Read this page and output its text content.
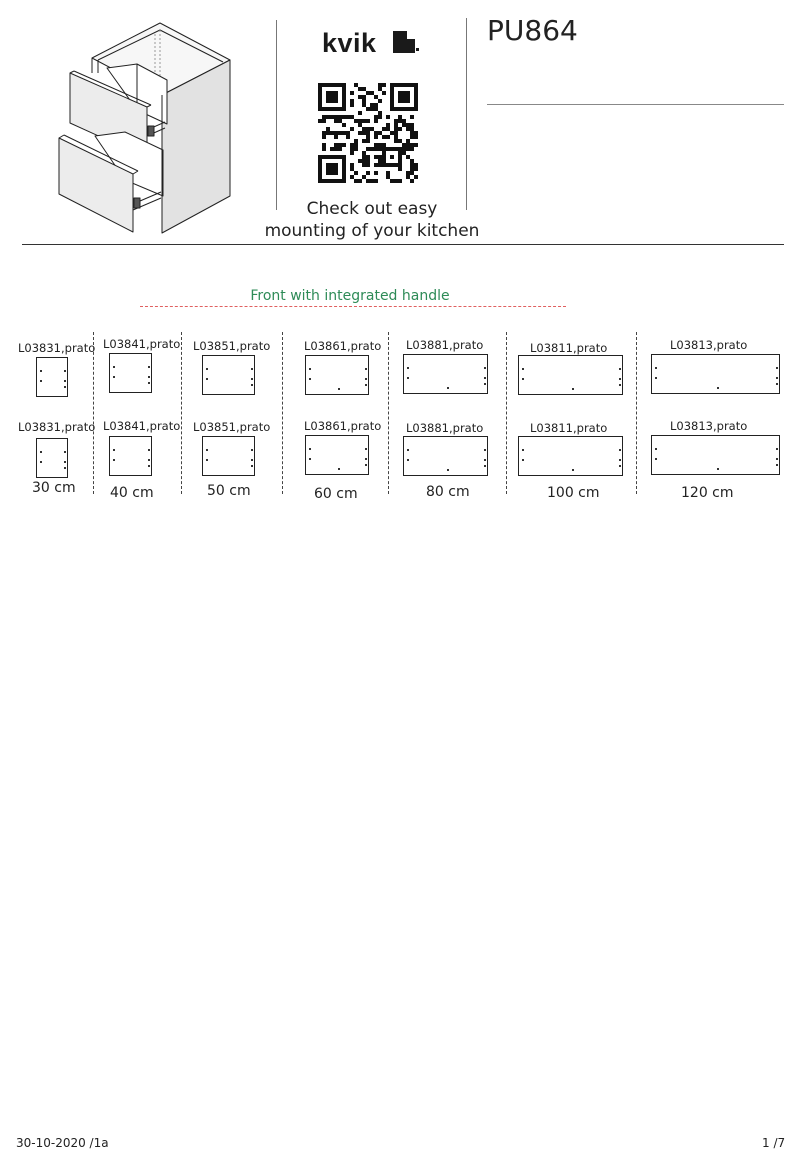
kvik
Check out easy
mounting of your kitchen
PU864
Front with integrated handle
L03831,prato
L03831,prato
30 cm
L03841,prato
L03841,prato
40 cm
L03851,prato
L03851,prato
50 cm
L03861,prato
L03861,prato
60 cm
L03881,prato
L03881,prato
80 cm
L03811,prato
L03811,prato
100 cm
L03813,prato
L03813,prato
120 cm
30-10-2020 /1a	1 /7
